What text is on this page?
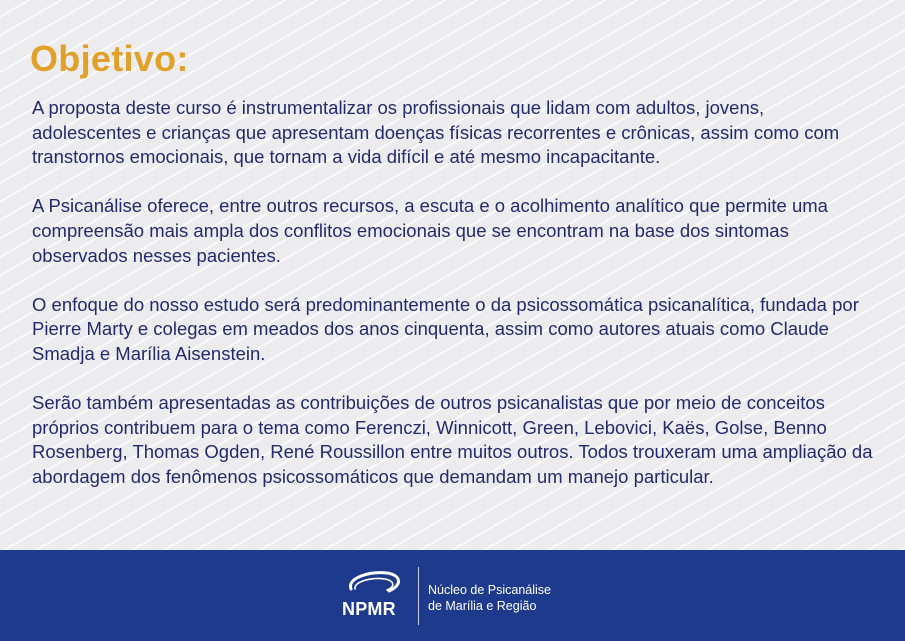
Objetivo:

A proposta deste curso é instrumentalizar os profissionais que lidam com adultos, jovens, adolescentes e crianças que apresentam doenças físicas recorrentes e crônicas, assim como com transtornos emocionais, que tornam a vida difícil e até mesmo incapacitante.

A Psicanálise oferece, entre outros recursos, a escuta e o acolhimento analítico que permite uma compreensão mais ampla dos conflitos emocionais que se encontram na base dos sintomas observados nesses pacientes.

O enfoque do nosso estudo será predominantemente o da psicossomática psicanalítica, fundada por Pierre Marty e colegas em meados dos anos cinquenta, assim como autores atuais como Claude Smadja e Marília Aisenstein.

Serão também apresentadas as contribuições de outros psicanalistas que por meio de conceitos próprios contribuem para o tema como Ferenczi, Winnicott, Green, Lebovici, Kaës, Golse, Benno Rosenberg, Thomas Ogden, René Roussillon entre muitos outros. Todos trouxeram uma ampliação da abordagem dos fenômenos psicossomáticos que demandam um manejo particular.

NPMR
Núcleo de Psicanálise
de Marília e Região
